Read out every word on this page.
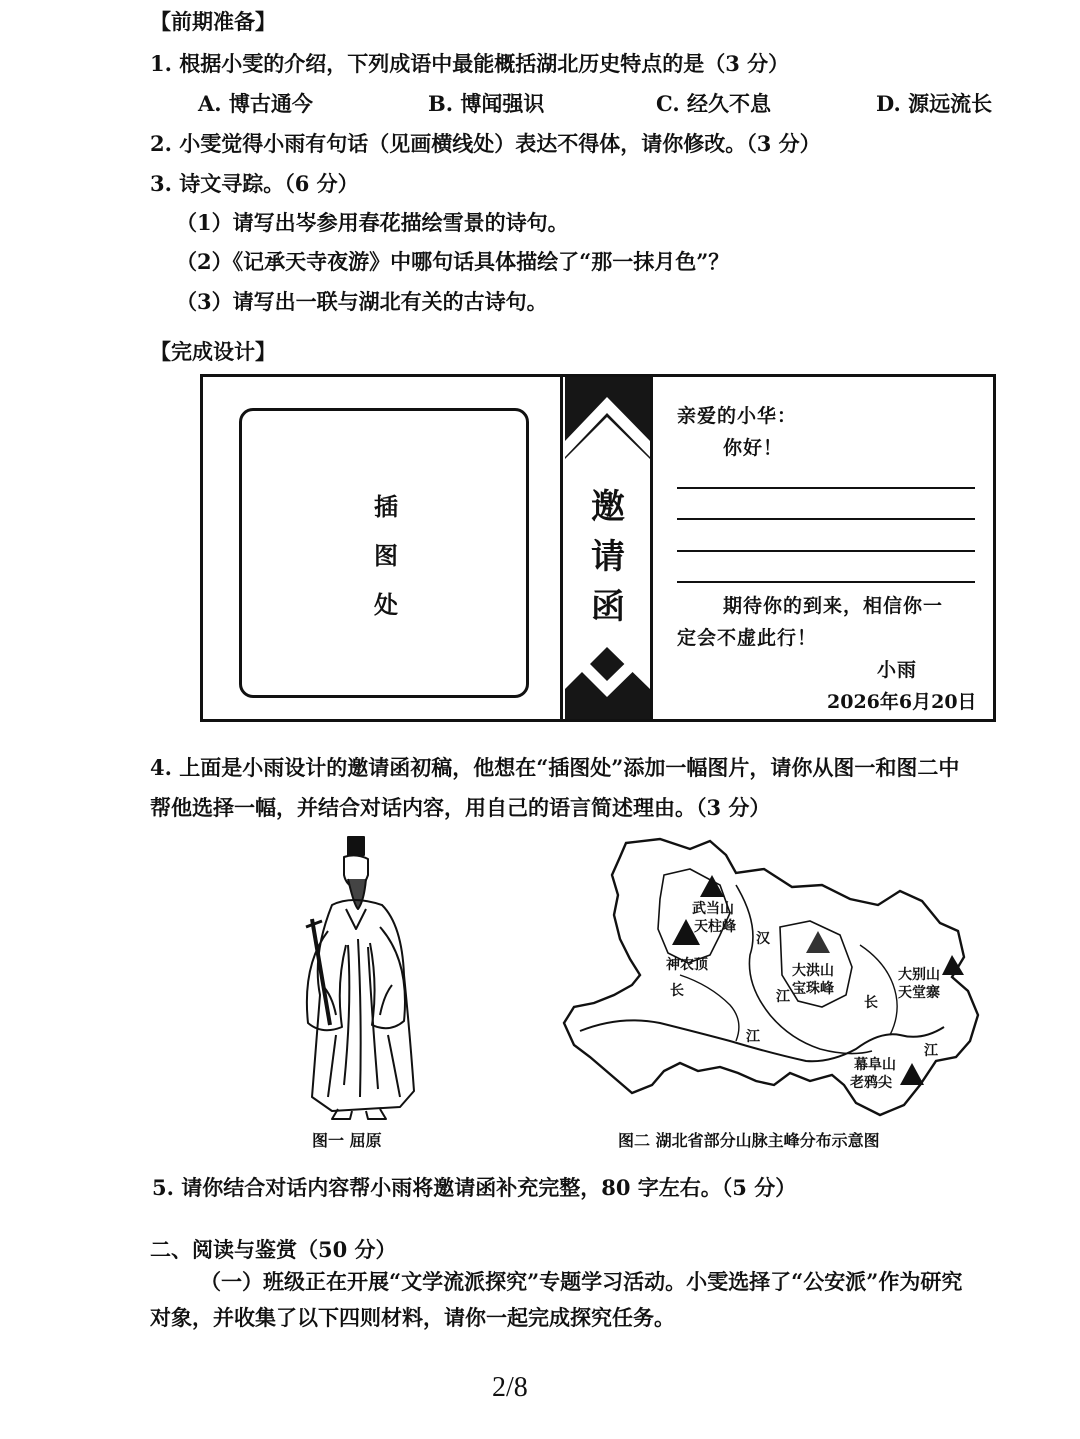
【前期准备】
1. 根据小雯的介绍，下列成语中最能概括湖北历史特点的是（3 分）
A. 博古通今	B. 博闻强识	C. 经久不息	D. 源远流长
2. 小雯觉得小雨有句话（见画横线处）表达不得体，请你修改。（3 分）
3. 诗文寻踪。（6 分）
（1）请写出岑参用春花描绘雪景的诗句。
（2）《记承天寺夜游》中哪句话具体描绘了“那一抹月色”？
（3）请写出一联与湖北有关的古诗句。
【完成设计】
插
图
处
邀
请
函
亲爱的小华：
你好！
期待你的到来，相信你一
定会不虚此行！
小雨
2026年6月20日
4. 上面是小雨设计的邀请函初稿，他想在“插图处”添加一幅图片，请你从图一和图二中
帮他选择一幅，并结合对话内容，用自己的语言简述理由。（3 分）
图一 屈原
武当山
天柱峰
神农顶	大洪山
宝珠峰
大别山
天堂寨
幕阜山
老鸦尖
汉
长
江
江	长
江
图二 湖北省部分山脉主峰分布示意图
5. 请你结合对话内容帮小雨将邀请函补充完整，80 字左右。（5 分）
二、阅读与鉴赏（50 分）
（一）班级正在开展“文学流派探究”专题学习活动。小雯选择了“公安派”作为研究
对象，并收集了以下四则材料，请你一起完成探究任务。
2/8
